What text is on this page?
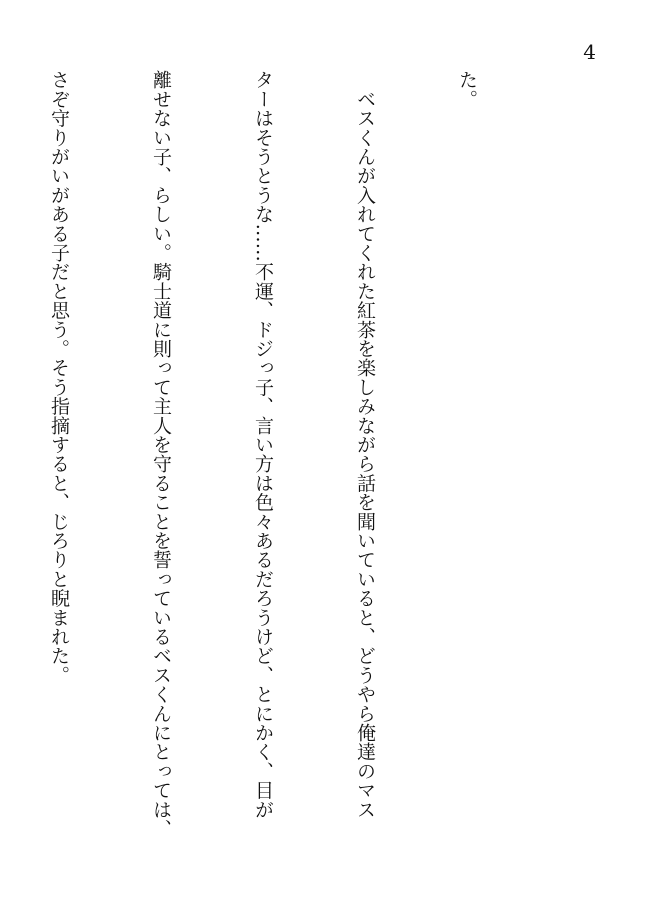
4

た。

　ベスくんが入れてくれた紅茶を楽しみながら話を聞いていると、どうやら俺達のマス

ターはそうとうな……不運、ドジっ子、言い方は色々あるだろうけど、とにかく、目が

離せない子、らしい。騎士道に則って主人を守ることを誓っているベスくんにとっては、

さぞ守りがいがある子だと思う。そう指摘すると、じろりと睨まれた。
